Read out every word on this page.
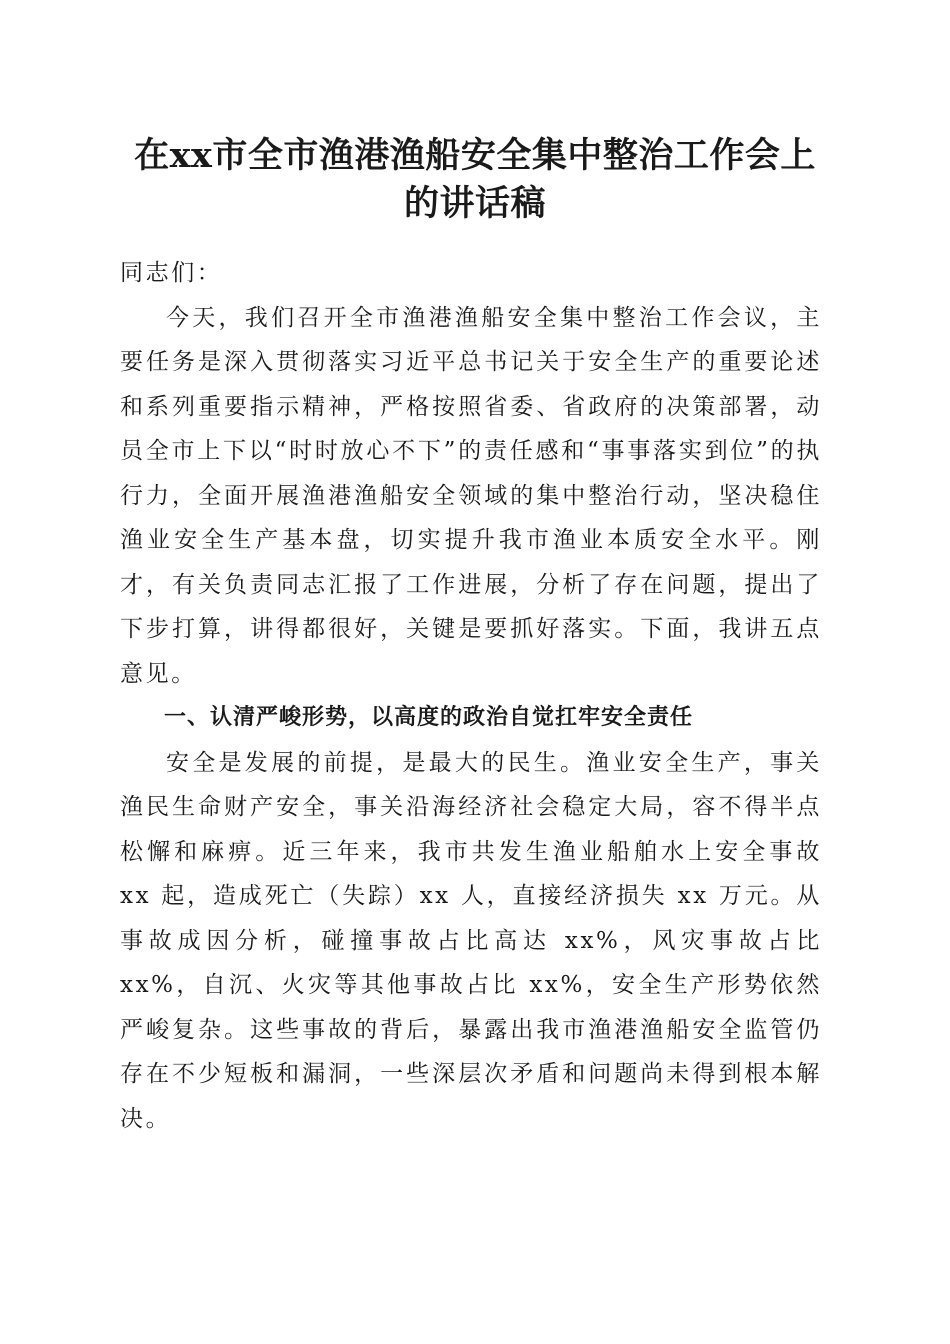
在xx市全市渔港渔船安全集中整治工作会上
的讲话稿

同志们：

今天，我们召开全市渔港渔船安全集中整治工作会议，主要任务是深入贯彻落实习近平总书记关于安全生产的重要论述和系列重要指示精神，严格按照省委、省政府的决策部署，动员全市上下以“时时放心不下”的责任感和“事事落实到位”的执行力，全面开展渔港渔船安全领域的集中整治行动，坚决稳住渔业安全生产基本盘，切实提升我市渔业本质安全水平。刚才，有关负责同志汇报了工作进展，分析了存在问题，提出了下步打算，讲得都很好，关键是要抓好落实。下面，我讲五点意见。

一、认清严峻形势，以高度的政治自觉扛牢安全责任

安全是发展的前提，是最大的民生。渔业安全生产，事关渔民生命财产安全，事关沿海经济社会稳定大局，容不得半点松懈和麻痹。近三年来，我市共发生渔业船舶水上安全事故 xx 起，造成死亡（失踪）xx 人，直接经济损失 xx 万元。从事故成因分析，碰撞事故占比高达 xx%，风灾事故占比 xx%，自沉、火灾等其他事故占比 xx%，安全生产形势依然严峻复杂。这些事故的背后，暴露出我市渔港渔船安全监管仍存在不少短板和漏洞，一些深层次矛盾和问题尚未得到根本解决。
